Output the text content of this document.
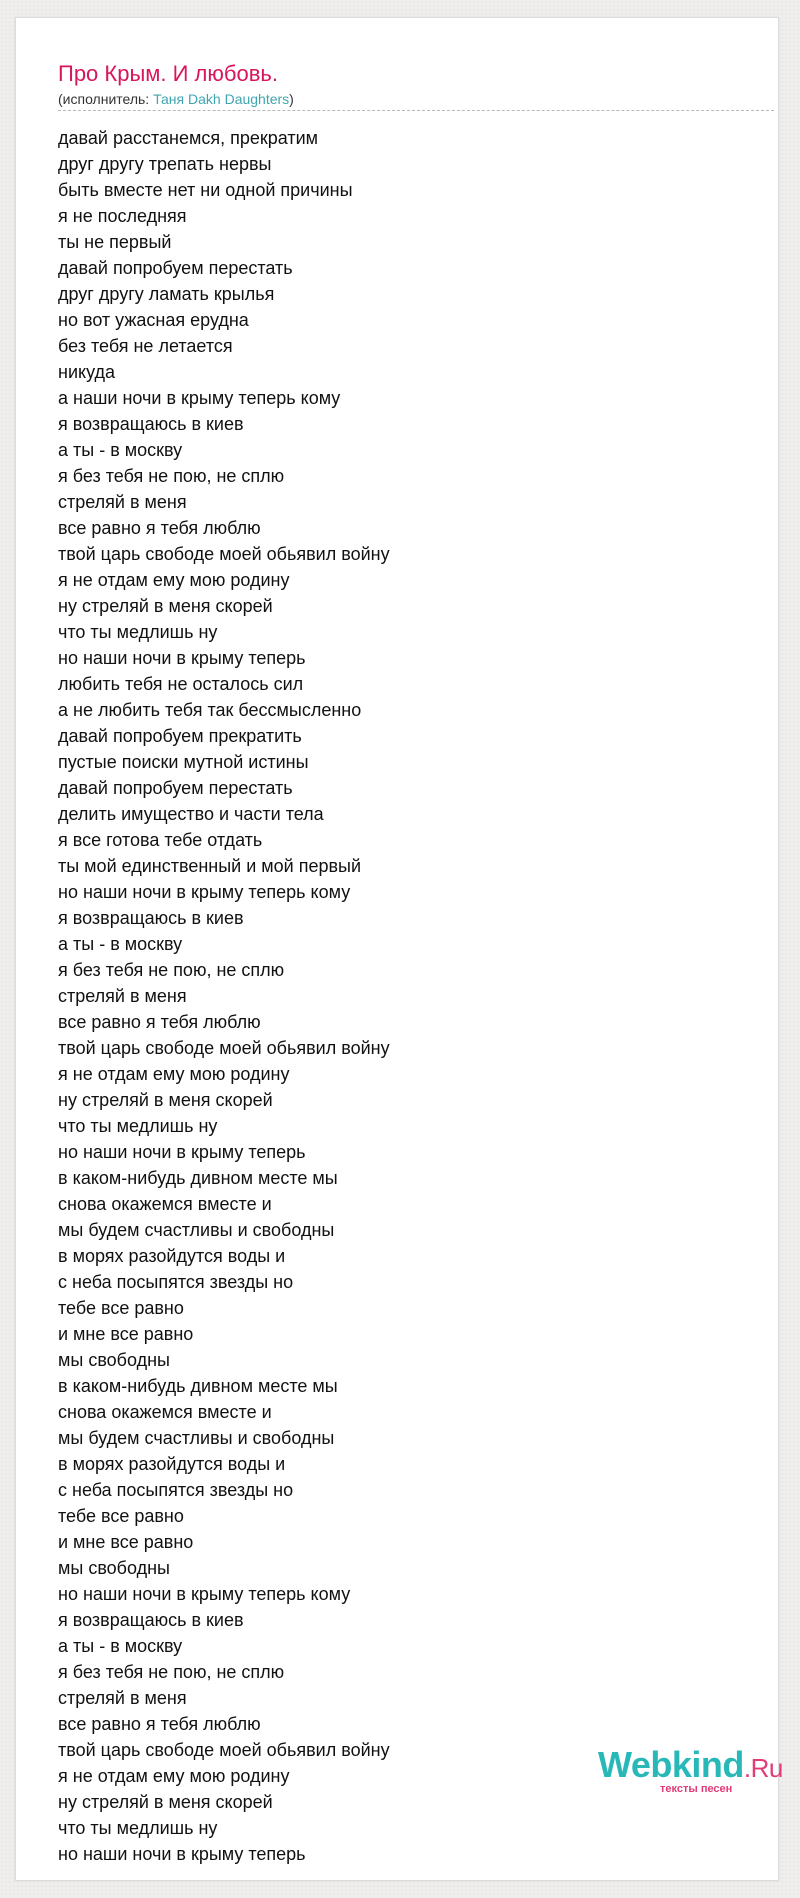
Про Крым. И любовь.
(исполнитель: Таня Dakh Daughters)
давай расстанемся, прекратим
друг другу трепать нервы
быть вместе нет ни одной причины
я не последняя
ты не первый
давай попробуем перестать
друг другу ламать крылья
но вот ужасная ерудна
без тебя не летается
никуда
а наши ночи в крыму теперь кому
я возвращаюсь в киев
а ты - в москву
я без тебя не пою, не сплю
стреляй в меня
все равно я тебя люблю
твой царь свободе моей обьявил войну
я не отдам ему мою родину
ну стреляй в меня скорей
что ты медлишь ну
но наши ночи в крыму теперь
любить тебя не осталось сил
а не любить тебя так бессмысленно
давай попробуем прекратить
пустые поиски мутной истины
давай попробуем перестать
делить имущество и части тела
я все готова тебе отдать
ты мой единственный и мой первый
но наши ночи в крыму теперь кому
я возвращаюсь в киев
а ты - в москву
я без тебя не пою, не сплю
стреляй в меня
все равно я тебя люблю
твой царь свободе моей обьявил войну
я не отдам ему мою родину
ну стреляй в меня скорей
что ты медлишь ну
но наши ночи в крыму теперь
в каком-нибудь дивном месте мы
снова окажемся вместе и
мы будем счастливы и свободны
в морях разойдутся воды и
с неба посыпятся звезды но
тебе все равно
и мне все равно
мы свободны
в каком-нибудь дивном месте мы
снова окажемся вместе и
мы будем счастливы и свободны
в морях разойдутся воды и
с неба посыпятся звезды но
тебе все равно
и мне все равно
мы свободны
но наши ночи в крыму теперь кому
я возвращаюсь в киев
а ты - в москву
я без тебя не пою, не сплю
стреляй в меня
все равно я тебя люблю
твой царь свободе моей обьявил войну
я не отдам ему мою родину
ну стреляй в меня скорей
что ты медлишь ну
но наши ночи в крыму теперь
Webkind.Ru
тексты песен
